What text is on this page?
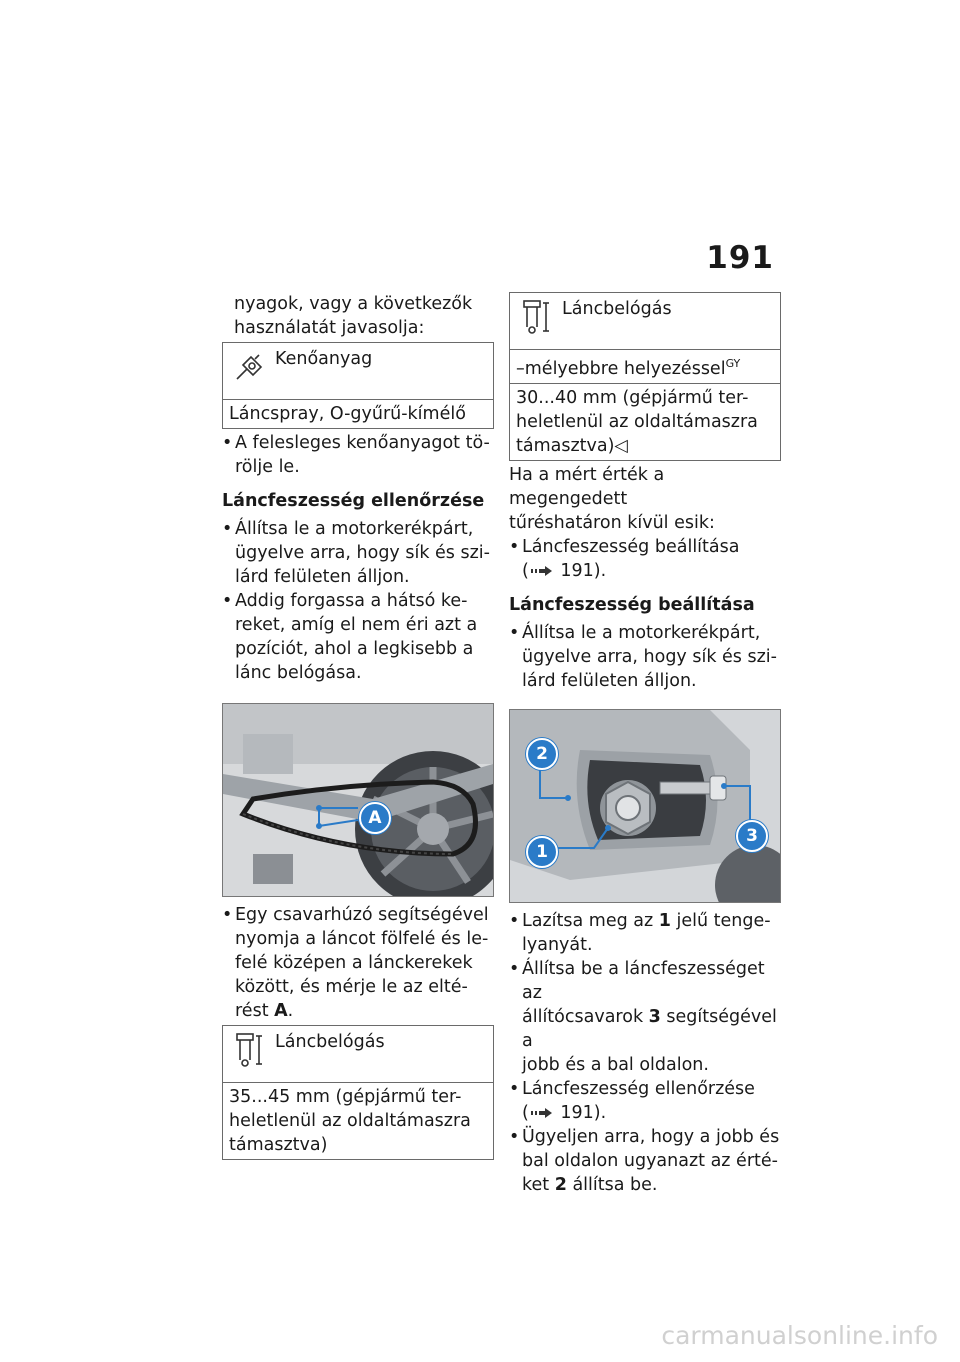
191
nyagok, vagy a következők
használatát javasolja:
Kenőanyag
Láncspray, O-gyűrű-kímélő
• A felesleges kenőanyagot tö-
rölje le.
Láncfeszesség ellenőrzése
• Állítsa le a motorkerékpárt,
ügyelve arra, hogy sík és szi-
lárd felületen álljon.
• Addig forgassa a hátsó ke-
reket, amíg el nem éri azt a
pozíciót, ahol a legkisebb a
lánc belógása.
A
• Egy csavarhúzó segítségével
nyomja a láncot fölfelé és le-
felé középen a lánckerekek
között, és mérje le az elté-
rést A.
Láncbelógás
35...45 mm (gépjármű ter-
heletlenül az oldaltámaszra
támasztva)
Láncbelógás
–mélyebbre helyezéssel$^{GY}$
30...40 mm (gépjármű ter-
heletlenül az oldaltámaszra
támasztva)◁
Ha a mért érték a megengedett
tűréshatáron kívül esik:
• Láncfeszesség beállítása
( 191).
Láncfeszesség beállítása
• Állítsa le a motorkerékpárt,
ügyelve arra, hogy sík és szi-
lárd felületen álljon.
2
1
3
• Lazítsa meg az 1 jelű tenge-
lyanyát.
• Állítsa be a láncfeszességet az
állítócsavarok 3 segítségével a
jobb és a bal oldalon.
• Láncfeszesség ellenőrzése
( 191).
• Ügyeljen arra, hogy a jobb és
bal oldalon ugyanazt az érté-
ket 2 állítsa be.
carmanualsonline.info
